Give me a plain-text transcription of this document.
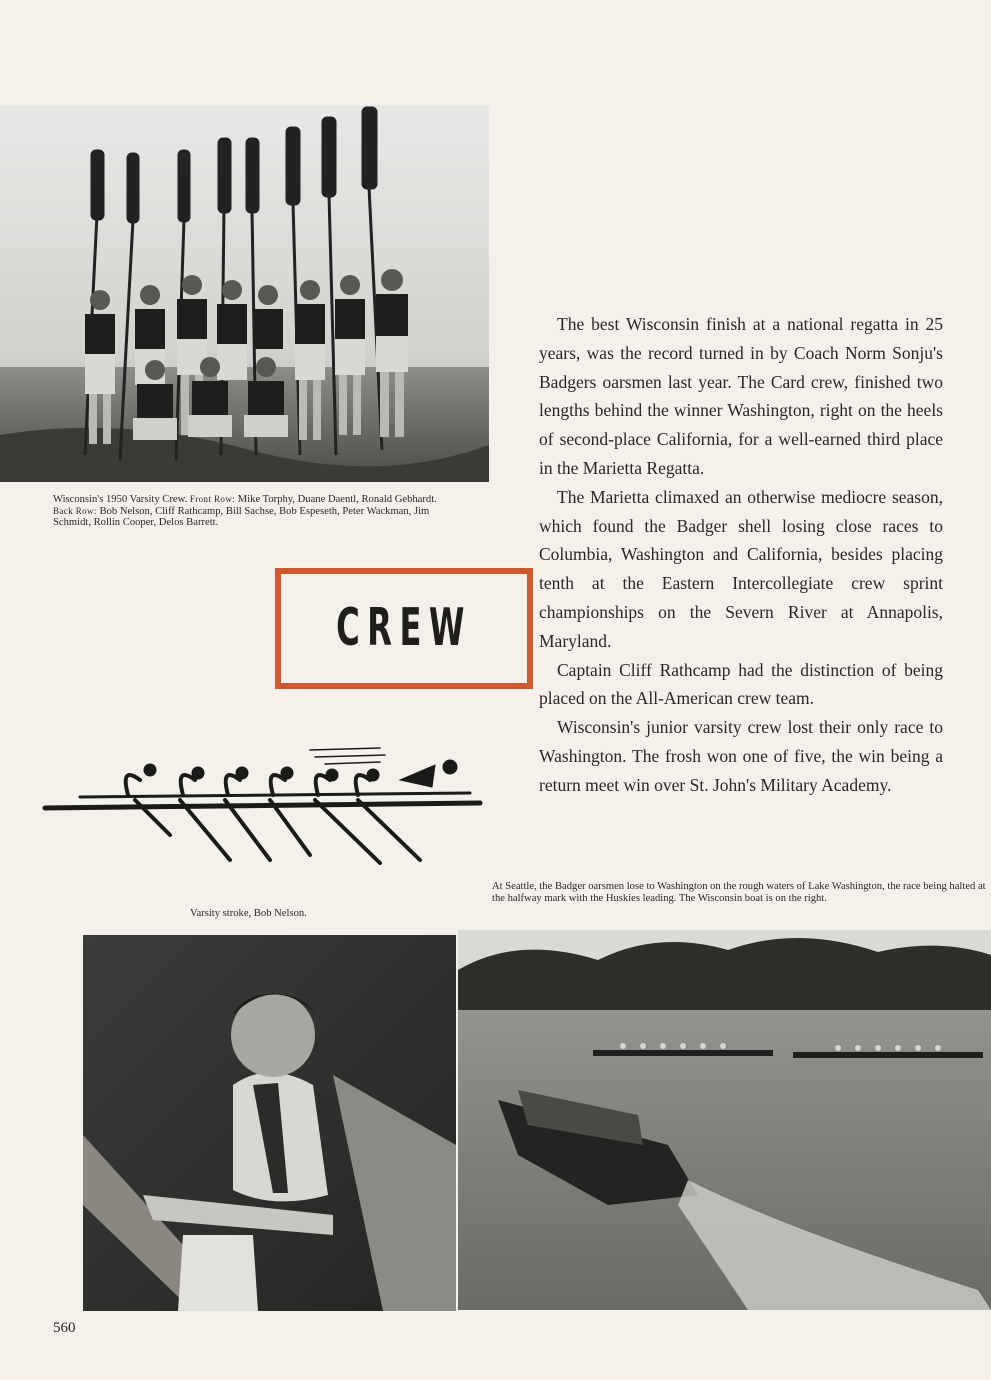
Wisconsin's 1950 Varsity Crew. Front Row: Mike Torphy, Duane Daentl, Ronald Gebhardt. Back Row: Bob Nelson, Cliff Rathcamp, Bill Sachse, Bob Espeseth, Peter Wackman, Jim Schmidt, Rollin Cooper, Delos Barrett.

CREW

The best Wisconsin finish at a national regatta in 25 years, was the record turned in by Coach Norm Sonju's Badgers oarsmen last year. The Card crew, finished two lengths behind the winner Washington, right on the heels of second-place California, for a well-earned third place in the Marietta Regatta.

The Marietta climaxed an otherwise mediocre season, which found the Badger shell losing close races to Columbia, Washington and California, besides placing tenth at the Eastern Intercollegiate crew sprint championships on the Severn River at Annapolis, Maryland.

Captain Cliff Rathcamp had the distinction of being placed on the All-American crew team.

Wisconsin's junior varsity crew lost their only race to Washington. The frosh won one of five, the win being a return meet win over St. John's Military Academy.

Varsity stroke, Bob Nelson.

At Seattle, the Badger oarsmen lose to Washington on the rough waters of Lake Washington, the race being halted at the halfway mark with the Huskies leading. The Wisconsin boat is on the right.

560
